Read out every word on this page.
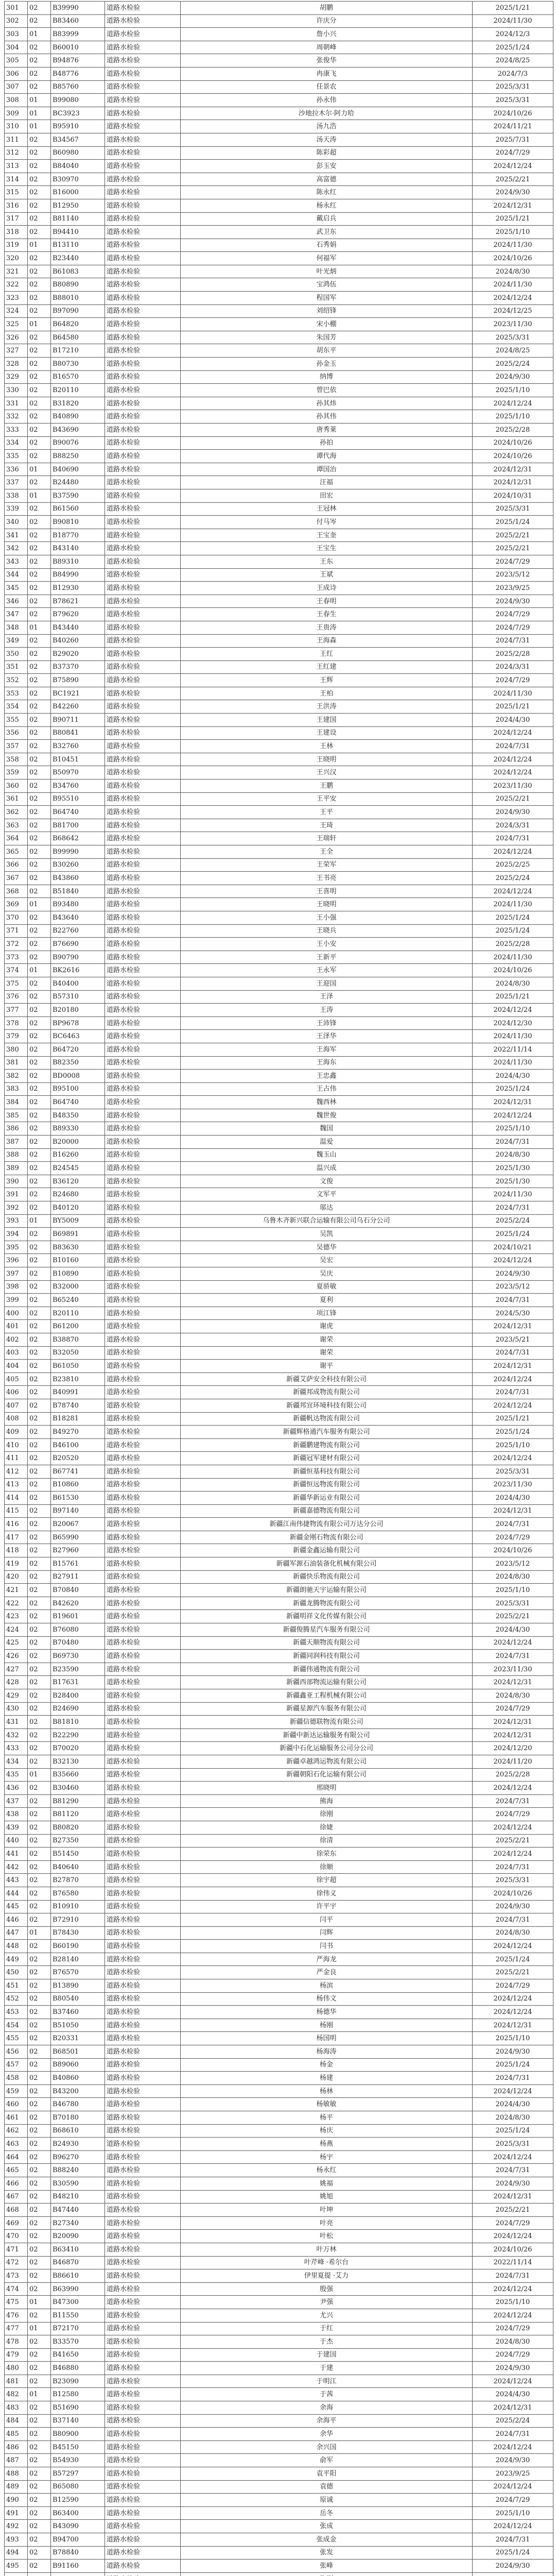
301	02	B39990	道路水检验	胡鹏	2025/1/21
302	02	B83460	道路水检验	许庆分	2024/11/30
303	01	B83999	道路水检验	詹小兴	2024/12/3
304	02	B60010	道路水检验	周朝峰	2025/1/24
305	02	B94876	道路水检验	张俊华	2024/8/25
306	02	B48776	道路水检验	冉康飞	2024/7/3
307	02	B85760	道路水检验	任景农	2025/3/31
308	01	B99080	道路水检验	孙永伟	2025/3/31
309	01	BC3923	道路水检验	沙地拉木尔·阿力哈	2024/10/26
310	01	B95910	道路水检验	汤九浩	2024/11/21
311	02	B34567	道路水检验	汤天涛	2025/7/31
312	02	B60980	道路水检验	陈彩超	2024/7/29
313	02	B84040	道路水检验	彭玉安	2024/12/24
314	02	B30970	道路水检验	高富德	2025/2/21
315	02	B16000	道路水检验	陈永红	2024/9/30
316	02	B12950	道路水检验	杨永红	2024/12/31
317	02	B81140	道路水检验	戴启兵	2025/1/21
318	02	B94410	道路水检验	武卫东	2025/1/10
319	01	B13110	道路水检验	石秀娟	2024/11/30
320	02	B23440	道路水检验	何福军	2024/10/26
321	02	B61083	道路水检验	叶光炳	2024/8/30
322	02	B80890	道路水检验	宝鸿伍	2024/11/30
323	02	B88010	道路水检验	程国军	2024/12/24
324	02	B97090	道路水检验	刘绍锋	2024/12/25
325	01	B64820	道路水检验	宋小棚	2023/11/30
326	02	B64580	道路水检验	朱国芳	2025/3/31
327	02	B17210	道路水检验	胡东平	2024/8/25
328	02	B80730	道路水检验	孙金玉	2025/2/24
329	02	B16570	道路水检验	纳博	2024/9/30
330	02	B20110	道路水检验	曾巴依	2025/1/10
331	02	B31820	道路水检验	孙其炜	2024/12/24
332	02	B40890	道路水检验	孙其伟	2025/1/10
333	02	B43690	道路水检验	唐秀莱	2025/2/28
334	02	B90076	道路水检验	孙拍	2024/10/26
335	02	B88250	道路水检验	谭代海	2024/10/26
336	01	B40690	道路水检验	谭国治	2024/12/31
337	02	B24480	道路水检验	汪福	2024/12/31
338	01	B37590	道路水检验	田宏	2024/10/31
339	02	B61560	道路水检验	王冠林	2025/3/31
340	02	B90810	道路水检验	付马岑	2025/1/24
341	02	B18770	道路水检验	王宝奎	2025/2/21
342	02	B43140	道路水检验	王宝生	2025/2/21
343	02	B89310	道路水检验	王东	2024/7/29
344	02	B84990	道路水检验	王斌	2023/5/12
345	02	B12930	道路水检验	王成诗	2023/9/25
346	02	B78621	道路水检验	王春明	2024/9/30
347	02	B79620	道路水检验	王春生	2024/7/29
348	01	B43440	道路水检验	王贵涛	2024/7/29
349	02	B40260	道路水检验	王海森	2024/7/31
350	02	B29020	道路水检验	王红	2025/2/28
351	02	B37370	道路水检验	王红建	2024/3/31
352	02	B75890	道路水检验	王辉	2024/7/29
353	02	BC1921	道路水检验	王柏	2024/11/30
354	02	B42260	道路水检验	王洪涛	2025/1/21
355	02	B90711	道路水检验	王建国	2024/4/30
356	02	B80841	道路水检验	王建设	2024/12/24
357	02	B32760	道路水检验	王林	2024/7/31
358	02	B10451	道路水检验	王晓明	2024/12/24
359	02	B50970	道路水检验	王兴汉	2024/12/24
360	02	B34760	道路水检验	王鹏	2023/11/30
361	02	B95510	道路水检验	王平安	2025/2/21
362	02	B64740	道路水检验	王平	2024/9/30
363	02	B81700	道路水检验	王琦	2024/3/31
364	02	B68642	道路水检验	王瑞轩	2024/7/31
365	02	B99990	道路水检验	王全	2024/12/24
366	02	B30260	道路水检验	王荣军	2025/2/25
367	02	B43860	道路水检验	王书亮	2025/2/24
368	02	B51840	道路水检验	王喜明	2024/12/24
369	01	B93480	道路水检验	王晓明	2024/11/30
370	02	B43640	道路水检验	王小强	2025/1/24
371	02	B22760	道路水检验	王晓兵	2025/1/24
372	02	B76690	道路水检验	王小安	2025/2/28
373	02	B90790	道路水检验	王新平	2024/11/30
374	01	BK2616	道路水检验	王永军	2024/10/26
375	02	B40400	道路水检验	王迎国	2024/8/30
376	02	B57310	道路水检验	王泽	2025/1/21
377	02	B20180	道路水检验	王涛	2024/12/24
378	02	BP9678	道路水检验	王沛锋	2024/12/30
379	02	BC6463	道路水检验	王泽华	2024/11/30
380	02	B64720	道路水检验	王海军	2022/11/14
381	02	B82350	道路水检验	王海东	2024/11/30
382	02	BD0008	道路水检验	王忠鑫	2024/4/30
383	02	B95100	道路水检验	王占伟	2025/1/24
384	02	B64740	道路水检验	魏西林	2024/12/31
385	02	B48350	道路水检验	魏世俊	2024/12/24
386	02	B89330	道路水检验	魏国	2025/1/10
387	02	B20000	道路水检验	温爱	2024/7/31
388	02	B16260	道路水检验	魏玉山	2024/8/30
389	02	B24545	道路水检验	温兴成	2025/1/30
390	02	B36120	道路水检验	文俊	2025/1/30
391	02	B24680	道路水检验	文军平	2024/11/30
392	02	B40120	道路水检验	邬达	2024/7/31
393	01	BY5009	道路水检验	乌鲁木齐新兴联合运输有限公司乌石分公司	2025/2/24
394	02	B69891	道路水检验	吴凯	2025/1/24
395	02	B83630	道路水检验	吴德华	2024/10/21
396	02	B10160	道路水检验	吴宏	2024/12/24
397	02	B10890	道路水检验	吴庆	2024/9/30
398	02	B32000	道路水检验	夏骄敏	2023/5/12
399	02	B65240	道路水检验	夏利	2024/7/31
400	02	B20110	道路水检验	项江锋	2024/5/30
401	02	B61200	道路水检验	谢虎	2024/12/31
402	02	B38870	道路水检验	谢荣	2023/5/21
403	02	B32050	道路水检验	谢荣	2024/7/31
404	02	B61050	道路水检验	谢平	2024/12/31
405	02	B23810	道路水检验	新疆艾萨安全科技有限公司	2024/12/24
406	02	B40991	道路水检验	新疆邦成物流有限公司	2024/7/31
407	02	B78740	道路水检验	新疆邦宜环境科技有限公司	2024/12/24
408	02	B18281	道路水检验	新疆帆达物流有限公司	2025/1/21
409	02	B49270	道路水检验	新疆辉格通汽车服务有限公司	2025/1/24
410	02	B46100	道路水检验	新疆鹏建物流有限公司	2025/1/10
411	02	B20520	道路水检验	新疆冠军建材有限公司	2024/12/24
412	02	B67741	道路水检验	新疆恒基科技有限公司	2025/3/31
413	02	B10860	道路水检验	新疆恒远物流有限公司	2023/11/30
414	02	B61530	道路水检验	新疆华新运业有限公司	2024/4/30
415	02	B97140	道路水检验	新疆嘉德物流有限公司	2024/12/31
416	02	B20067	道路水检验	新疆江南伟捷物流有限公司万达分公司	2024/7/31
417	02	B65990	道路水检验	新疆金刚石物流有限公司	2024/7/29
418	02	B27960	道路水检验	新疆金鑫运输有限公司	2024/10/26
419	02	B15761	道路水检验	新疆军源石油装备化机械有限公司	2023/5/12
420	02	B27911	道路水检验	新疆快乐物流有限公司	2024/8/30
421	02	B70840	道路水检验	新疆朗驰天宇运输有限公司	2025/1/10
422	02	B42620	道路水检验	新疆龙腾物流有限公司	2025/3/31
423	02	B19601	道路水检验	新疆明祥文化传媒有限公司	2025/2/21
424	02	B76080	道路水检验	新疆俊腾星汽车服务有限公司	2024/4/30
425	02	B70480	道路水检验	新疆天顺物流有限公司	2024/12/24
426	02	B69730	道路水检验	新疆同润科技有限公司	2024/7/31
427	02	B23590	道路水检验	新疆伟通物流有限公司	2023/11/30
428	02	B17631	道路水检验	新疆西部物流运输有限公司	2024/12/31
429	02	B28400	道路水检验	新疆鑫亚工程机械有限公司	2024/8/30
430	02	B24690	道路水检验	新疆星源汽车服务有限公司	2024/7/29
431	02	B81810	道路水检验	新疆信德联物流有限公司	2024/12/31
432	02	B22290	道路水检验	新疆中新达运输服务有限公司	2024/12/31
433	02	B70020	道路水检验	新疆中石化运输服务公司分公司	2024/12/20
434	02	B32130	道路水检验	新疆卓越鸿运物流有限公司	2024/11/20
435	01	B35660	道路水检验	新疆朝阳石化运输有限公司	2025/2/28
436	02	B30460	道路水检验	邢晓明	2024/12/24
437	02	B81290	道路水检验	熊海	2024/7/31
438	02	B81120	道路水检验	徐刚	2024/7/29
439	02	B80820	道路水检验	徐婕	2024/12/24
440	02	B27350	道路水检验	徐清	2025/2/21
441	02	B51450	道路水检验	徐荣东	2024/12/24
442	02	B40640	道路水检验	徐顺	2024/7/31
443	02	B27870	道路水检验	徐宇超	2025/3/31
444	02	B76580	道路水检验	徐伟义	2024/10/26
445	02	B10910	道路水检验	许平宇	2024/9/30
446	02	B72910	道路水检验	闫平	2024/7/31
447	01	B78430	道路水检验	闫辉	2024/8/30
448	02	B60190	道路水检验	闫书	2024/12/24
449	02	B28140	道路水检验	严海龙	2025/1/24
450	02	B76570	道路水检验	严金良	2025/2/21
451	02	B13890	道路水检验	杨滨	2024/7/29
452	02	B80540	道路水检验	杨伟文	2024/12/24
453	02	B37460	道路水检验	杨德华	2024/12/24
454	02	B51050	道路水检验	杨刚	2024/12/31
455	02	B20331	道路水检验	杨国明	2025/1/10
456	02	B68501	道路水检验	杨海涛	2024/9/30
457	02	B89060	道路水检验	杨金	2025/1/24
458	02	B40860	道路水检验	杨建	2024/7/31
459	02	B43200	道路水检验	杨林	2024/12/24
460	02	B46780	道路水检验	杨敏敏	2024/4/30
461	02	B70180	道路水检验	杨平	2024/8/30
462	02	B68610	道路水检验	杨庆	2025/1/24
463	02	B24930	道路水检验	杨燕	2025/3/31
464	02	B96270	道路水检验	杨宇	2024/12/24
465	02	B88240	道路水检验	杨永红	2024/7/31
466	02	B30590	道路水检验	姚福	2024/9/30
467	02	B48210	道路水检验	姚旭	2024/12/31
468	02	B47440	道路水检验	叶坤	2025/2/21
469	02	B27340	道路水检验	叶亮	2024/7/29
470	02	B20090	道路水检验	叶松	2024/12/24
471	02	B63410	道路水检验	叶万林	2024/10/26
472	02	B46870	道路水检验	叶芹峰 ·希尔台	2022/11/14
473	02	B86610	道路水检验	伊里夏提 ·艾力	2024/7/31
474	02	B63990	道路水检验	殷强	2024/12/24
475	01	B47300	道路水检验	尹强	2025/1/10
476	02	B11550	道路水检验	尤兴	2024/12/24
477	01	B72170	道路水检验	于红	2024/7/29
478	02	B33570	道路水检验	于杰	2024/8/30
479	02	B41650	道路水检验	于建国	2024/7/29
480	02	B46880	道路水检验	于建	2024/9/30
481	02	B23090	道路水检验	于明江	2024/12/24
482	01	B12580	道路水检验	于茜	2024/4/30
483	02	B51690	道路水检验	余海	2024/12/31
484	02	B37140	道路水检验	余海平	2025/2/24
485	02	B80900	道路水检验	余华	2024/7/31
486	02	B45150	道路水检验	余兴国	2024/12/24
487	02	B54930	道路水检验	俞军	2024/9/30
488	02	B57297	道路水检验	袁平阳	2023/9/25
489	02	B65080	道路水检验	袁德	2024/12/24
490	02	B12590	道路水检验	原诚	2024/7/29
491	02	B63400	道路水检验	岳冬	2025/1/10
492	02	B43090	道路水检验	张成	2024/12/24
493	02	B94700	道路水检验	张成金	2024/7/31
494	02	B78840	道路水检验	张发	2025/1/24
495	02	B91160	道路水检验	张峰	2024/9/30
